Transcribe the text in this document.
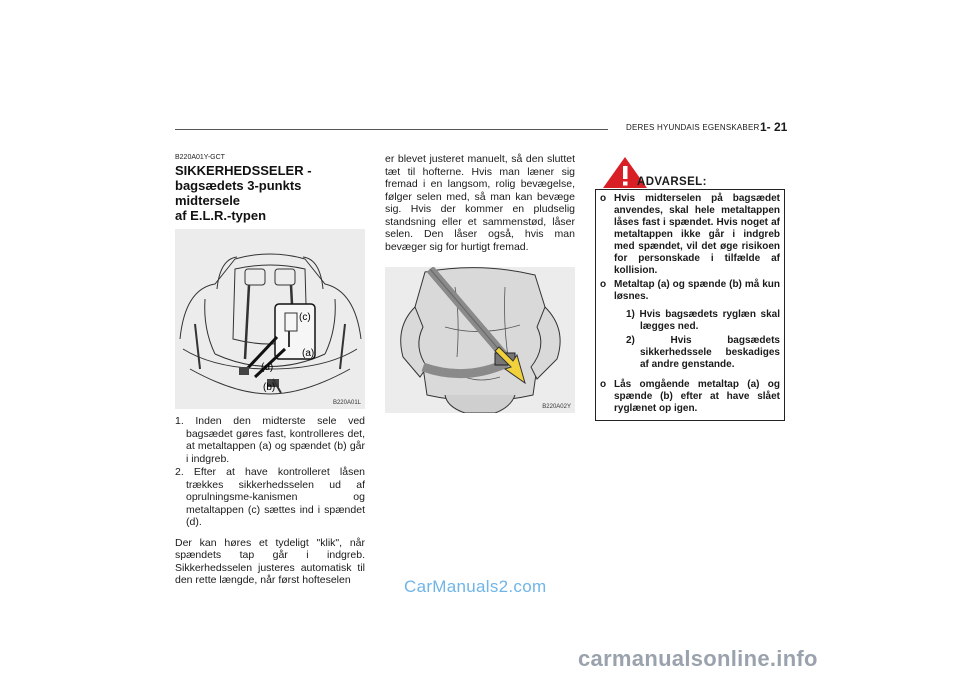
DERES HYUNDAIS EGENSKABER 1- 21
B220A01Y-GCT
SIKKERHEDSSELER -
bagsædets 3-punkts midtersele
af E.L.R.-typen
(c)
(a)
(d)
(b)
B220A01L
1. Inden den midterste sele ved bagsædet gøres fast, kontrolleres det, at metaltappen (a) og spændet (b) går i indgreb.
2. Efter at have kontrolleret låsen trækkes sikkerhedsselen ud af oprulningsme-kanismen og metaltappen (c) sættes ind i spændet (d).

Der kan høres et tydeligt "klik", når spændets tap går i indgreb. Sikkerhedsselen justeres automatisk til den rette længde, når først hofteselen

er blevet justeret manuelt, så den sluttet tæt til hofterne. Hvis man læner sig fremad i en langsom, rolig bevægelse, følger selen med, så man kan bevæge sig. Hvis der kommer en pludselig standsning eller et sammenstød, låser selen. Den låser også, hvis man bevæger sig for hurtigt fremad.

B220A02Y
ADVARSEL:
o Hvis midterselen på bagsædet anvendes, skal hele metaltappen låses fast i spændet. Hvis noget af metaltappen ikke går i indgreb med spændet, vil det øge risikoen for personskade i tilfælde af kollision.
o Metaltap (a) og spænde (b) må kun løsnes.
1) Hvis bagsædets ryglæn skal lægges ned.
2) Hvis bagsædets sikkerhedssele beskadiges af andre genstande.
o Lås omgående metaltap (a) og spænde (b) efter at have slået ryglænet op igen.
CarManuals2.com
carmanualsonline.info
